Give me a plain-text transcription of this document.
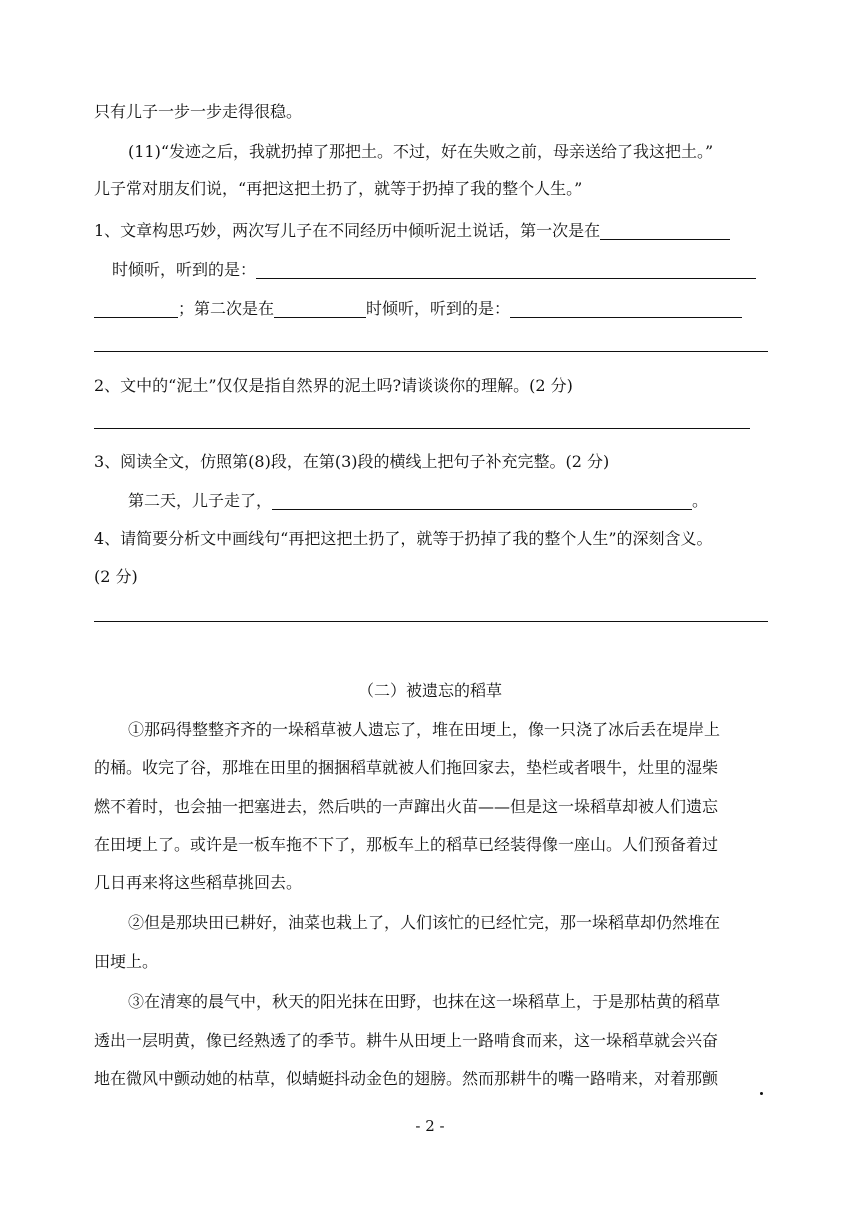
只有儿子一步一步走得很稳。
(11)“发迹之后，我就扔掉了那把土。不过，好在失败之前，母亲送给了我这把土。”
儿子常对朋友们说，“再把这把土扔了，就等于扔掉了我的整个人生。”
1、文章构思巧妙，两次写儿子在不同经历中倾听泥土说话，第一次是在
时倾听，听到的是：
；第二次是在	时倾听，听到的是：
2、文中的“泥土”仅仅是指自然界的泥土吗?请谈谈你的理解。(2 分)
3、阅读全文，仿照第(8)段，在第(3)段的横线上把句子补充完整。(2 分)
第二天，儿子走了，	。
4、请简要分析文中画线句“再把这把土扔了，就等于扔掉了我的整个人生”的深刻含义。
(2 分)
（二）被遗忘的稻草
①那码得整整齐齐的一垛稻草被人遗忘了，堆在田埂上，像一只浇了冰后丢在堤岸上
的桶。收完了谷，那堆在田里的捆捆稻草就被人们拖回家去，垫栏或者喂牛，灶里的湿柴
燃不着时，也会抽一把塞进去，然后哄的一声蹿出火苗——但是这一垛稻草却被人们遗忘
在田埂上了。或许是一板车拖不下了，那板车上的稻草已经装得像一座山。人们预备着过
几日再来将这些稻草挑回去。
②但是那块田已耕好，油菜也栽上了，人们该忙的已经忙完，那一垛稻草却仍然堆在
田埂上。
③在清寒的晨气中，秋天的阳光抹在田野，也抹在这一垛稻草上，于是那枯黄的稻草
透出一层明黄，像已经熟透了的季节。耕牛从田埂上一路啃食而来，这一垛稻草就会兴奋
地在微风中颤动她的枯草，似蜻蜓抖动金色的翅膀。然而那耕牛的嘴一路啃来，对着那颤
- 2 -
